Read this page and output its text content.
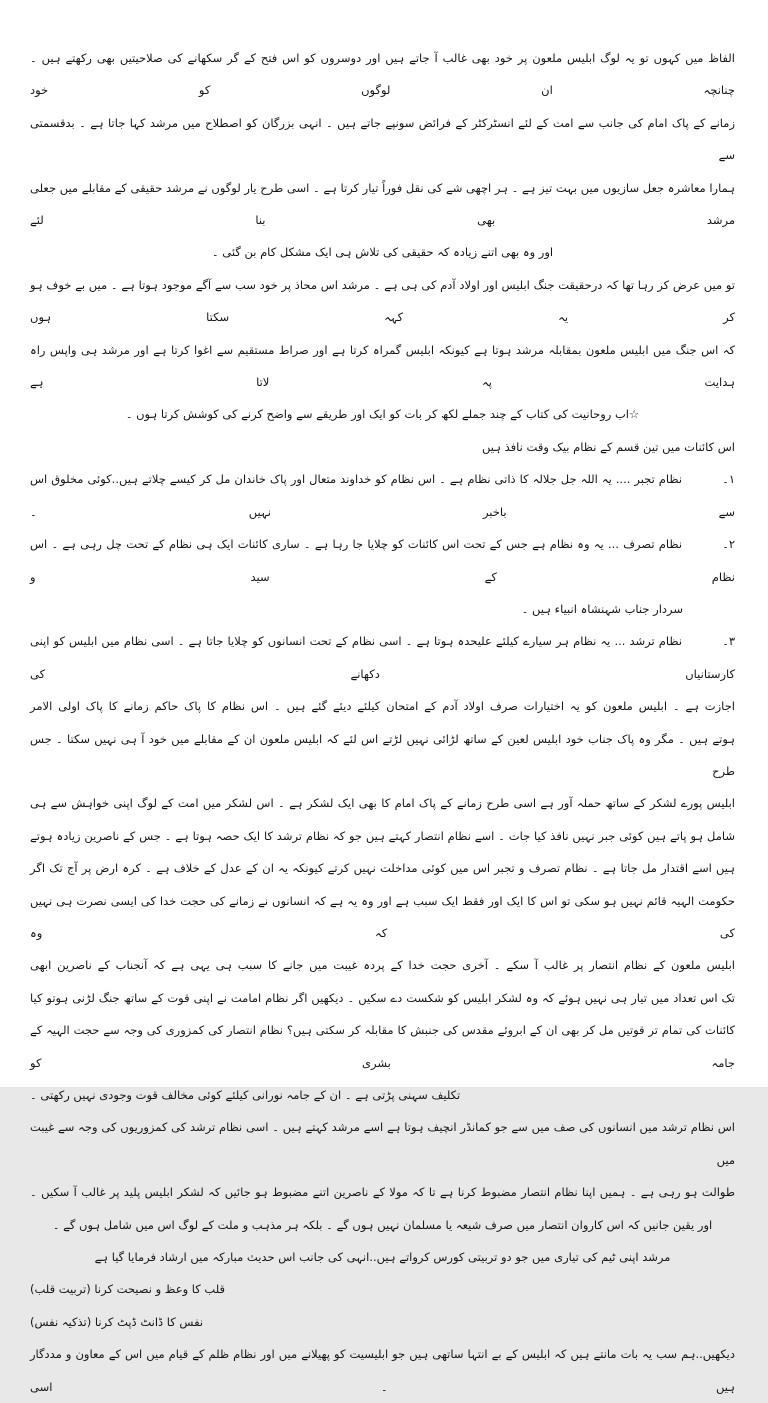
الفاظ میں کہوں تو یہ لوگ ابلیس ملعون پر خود بھی غالب آ جاتے ہیں اور دوسروں کو اس فتح کے گر سکھانے کی صلاحیتیں بھی رکھتے ہیں ۔ چنانچہ ان لوگوں کو خود
زمانے کے پاک امام کی جانب سے امت کے لئے انسٹرکٹر کے فرائض سونپے جاتے ہیں ۔ انہی بزرگان کو اصطلاح میں مرشد کہا جاتا ہے ۔ بدقسمتی سے
ہمارا معاشرہ جعل سازیوں میں بہت تیز ہے ۔ ہر اچھی شے کی نقل فوراً تیار کرتا ہے ۔ اسی طرح یار لوگوں نے مرشد حقیقی کے مقابلے میں جعلی مرشد بھی بنا لئے
اور وہ بھی اتنے زیادہ کہ حقیقی کی تلاش ہی ایک مشکل کام بن گئی ۔
تو میں عرض کر رہا تھا کہ درحقیقت جنگ ابلیس اور اولاد آدم کی ہی ہے ۔ مرشد اس محاذ پر خود سب سے آگے موجود ہوتا ہے ۔ میں بے خوف ہو کر یہ کہہ سکتا ہوں
کہ اس جنگ میں ابلیس ملعون بمقابلہ مرشد ہوتا ہے کیونکہ ابلیس گمراہ کرتا ہے اور صراط مستقیم سے اغوا کرتا ہے اور مرشد ہی واپس راہ ہدایت پہ لاتا ہے
☆اب روحانیت کی کتاب کے چند جملے لکھ کر بات کو ایک اور طریقے سے واضح کرنے کی کوشش کرتا ہوں ۔
اس کائنات میں تین قسم کے نظام بیک وقت نافذ ہیں
۱۔نظام تجبر .... یہ اللہ جل جلالہ کا ذاتی نظام ہے ۔ اس نظام کو خداوند متعال اور پاک خاندان مل کر کیسے چلاتے ہیں..کوئی مخلوق اس سے باخبر نہیں ۔
۲۔نظام تصرف ... یہ وہ نظام ہے جس کے تحت اس کائنات کو چلایا جا رہا ہے ۔ ساری کائنات ایک ہی نظام کے تحت چل رہی ہے ۔ اس نظام کے سید و
سردار جناب شہنشاہ انبیاء ہیں ۔
۳۔نظام ترشد ... یہ نظام ہر سیارے کیلئے علیحدہ ہوتا ہے ۔ اسی نظام کے تحت انسانوں کو چلایا جاتا ہے ۔ اسی نظام میں ابلیس کو اپنی کارستانیاں دکھانے کی
اجازت ہے ۔ ابلیس ملعون کو یہ اختیارات صرف اولاد آدم کے امتحان کیلئے دیئے گئے ہیں ۔ اس نظام کا پاک حاکم زمانے کا پاک اولی الامر
ہوتے ہیں ۔ مگر وہ پاک جناب خود ابلیس لعین کے ساتھ لڑائی نہیں لڑتے اس لئے کہ ابلیس ملعون ان کے مقابلے میں خود آ ہی نہیں سکتا ۔ جس طرح
ابلیس پورے لشکر کے ساتھ حملہ آور ہے اسی طرح زمانے کے پاک امام کا بھی ایک لشکر ہے ۔ اس لشکر میں امت کے لوگ اپنی خواہش سے ہی
شامل ہو پاتے ہیں کوئی جبر نہیں نافذ کیا جات ۔ اسے نظام انتصار کہتے ہیں جو کہ نظام ترشد کا ایک حصہ ہوتا ہے ۔ جس کے ناصرین زیادہ ہوتے
ہیں اسے اقتدار مل جاتا ہے ۔ نظام تصرف و تجبر اس میں کوئی مداخلت نہیں کرتے کیونکہ یہ ان کے عدل کے خلاف ہے ۔ کرہ ارض پر آج تک اگر
حکومت الہیہ قائم نہیں ہو سکی تو اس کا ایک اور فقط ایک سبب ہے اور وہ یہ ہے کہ انسانوں نے زمانے کی حجت خدا کی ایسی نصرت ہی نہیں کی کہ وہ
ابلیس ملعون کے نظام انتصار پر غالب آ سکے ۔ آخری حجت خدا کے پردہ غیبت میں جانے کا سبب ہی یہی ہے کہ آنجناب کے ناصرین ابھی
تک اس تعداد میں تیار ہی نہیں ہوئے کہ وہ لشکر ابلیس کو شکست دے سکیں ۔ دیکھیں اگر نظام امامت نے اپنی قوت کے ساتھ جنگ لڑنی ہوتو کیا
کائنات کی تمام تر قوتیں مل کر بھی ان کے ابروئے مقدس کی جنبش کا مقابلہ کر سکتی ہیں؟ نظام انتصار کی کمزوری کی وجہ سے حجت الہیہ کے جامہ بشری کو
تکلیف سہنی پڑتی ہے ۔ ان کے جامہ نورانی کیلئے کوئی مخالف قوت وجودی نہیں رکھتی ۔
اس نظام ترشد میں انسانوں کی صف میں سے جو کمانڈر انچیف ہوتا ہے اسے مرشد کہتے ہیں ۔ اسی نظام ترشد کی کمزوریوں کی وجہ سے غیبت میں
طوالت ہو رہی ہے ۔ ہمیں اپنا نظام انتصار مضبوط کرنا ہے تا کہ مولا کے ناصرین اتنے مضبوط ہو جائیں کہ لشکر ابلیس پلید پر غالب آ سکیں ۔
اور یقین جانیں کہ اس کاروان انتصار میں صرف شیعہ یا مسلمان نہیں ہوں گے ۔ بلکہ ہر مذہب و ملت کے لوگ اس میں شامل ہوں گے ۔
مرشد اپنی ٹیم کی تیاری میں جو دو تربیتی کورس کرواتے ہیں..انہی کی جانب اس حدیث مبارکہ میں ارشاد فرمایا گیا ہے
قلب کا وعظ و نصیحت کرنا (تربیت قلب)
نفس کا ڈانٹ ڈپٹ کرنا (تذکیہ نفس)
دیکھیں..ہم سب یہ بات مانتے ہیں کہ ابلیس کے بے انتہا ساتھی ہیں جو ابلیسیت کو پھیلانے میں اور نظام ظلم کے قیام میں اس کے معاون و مددگار ہیں ۔ اسی
